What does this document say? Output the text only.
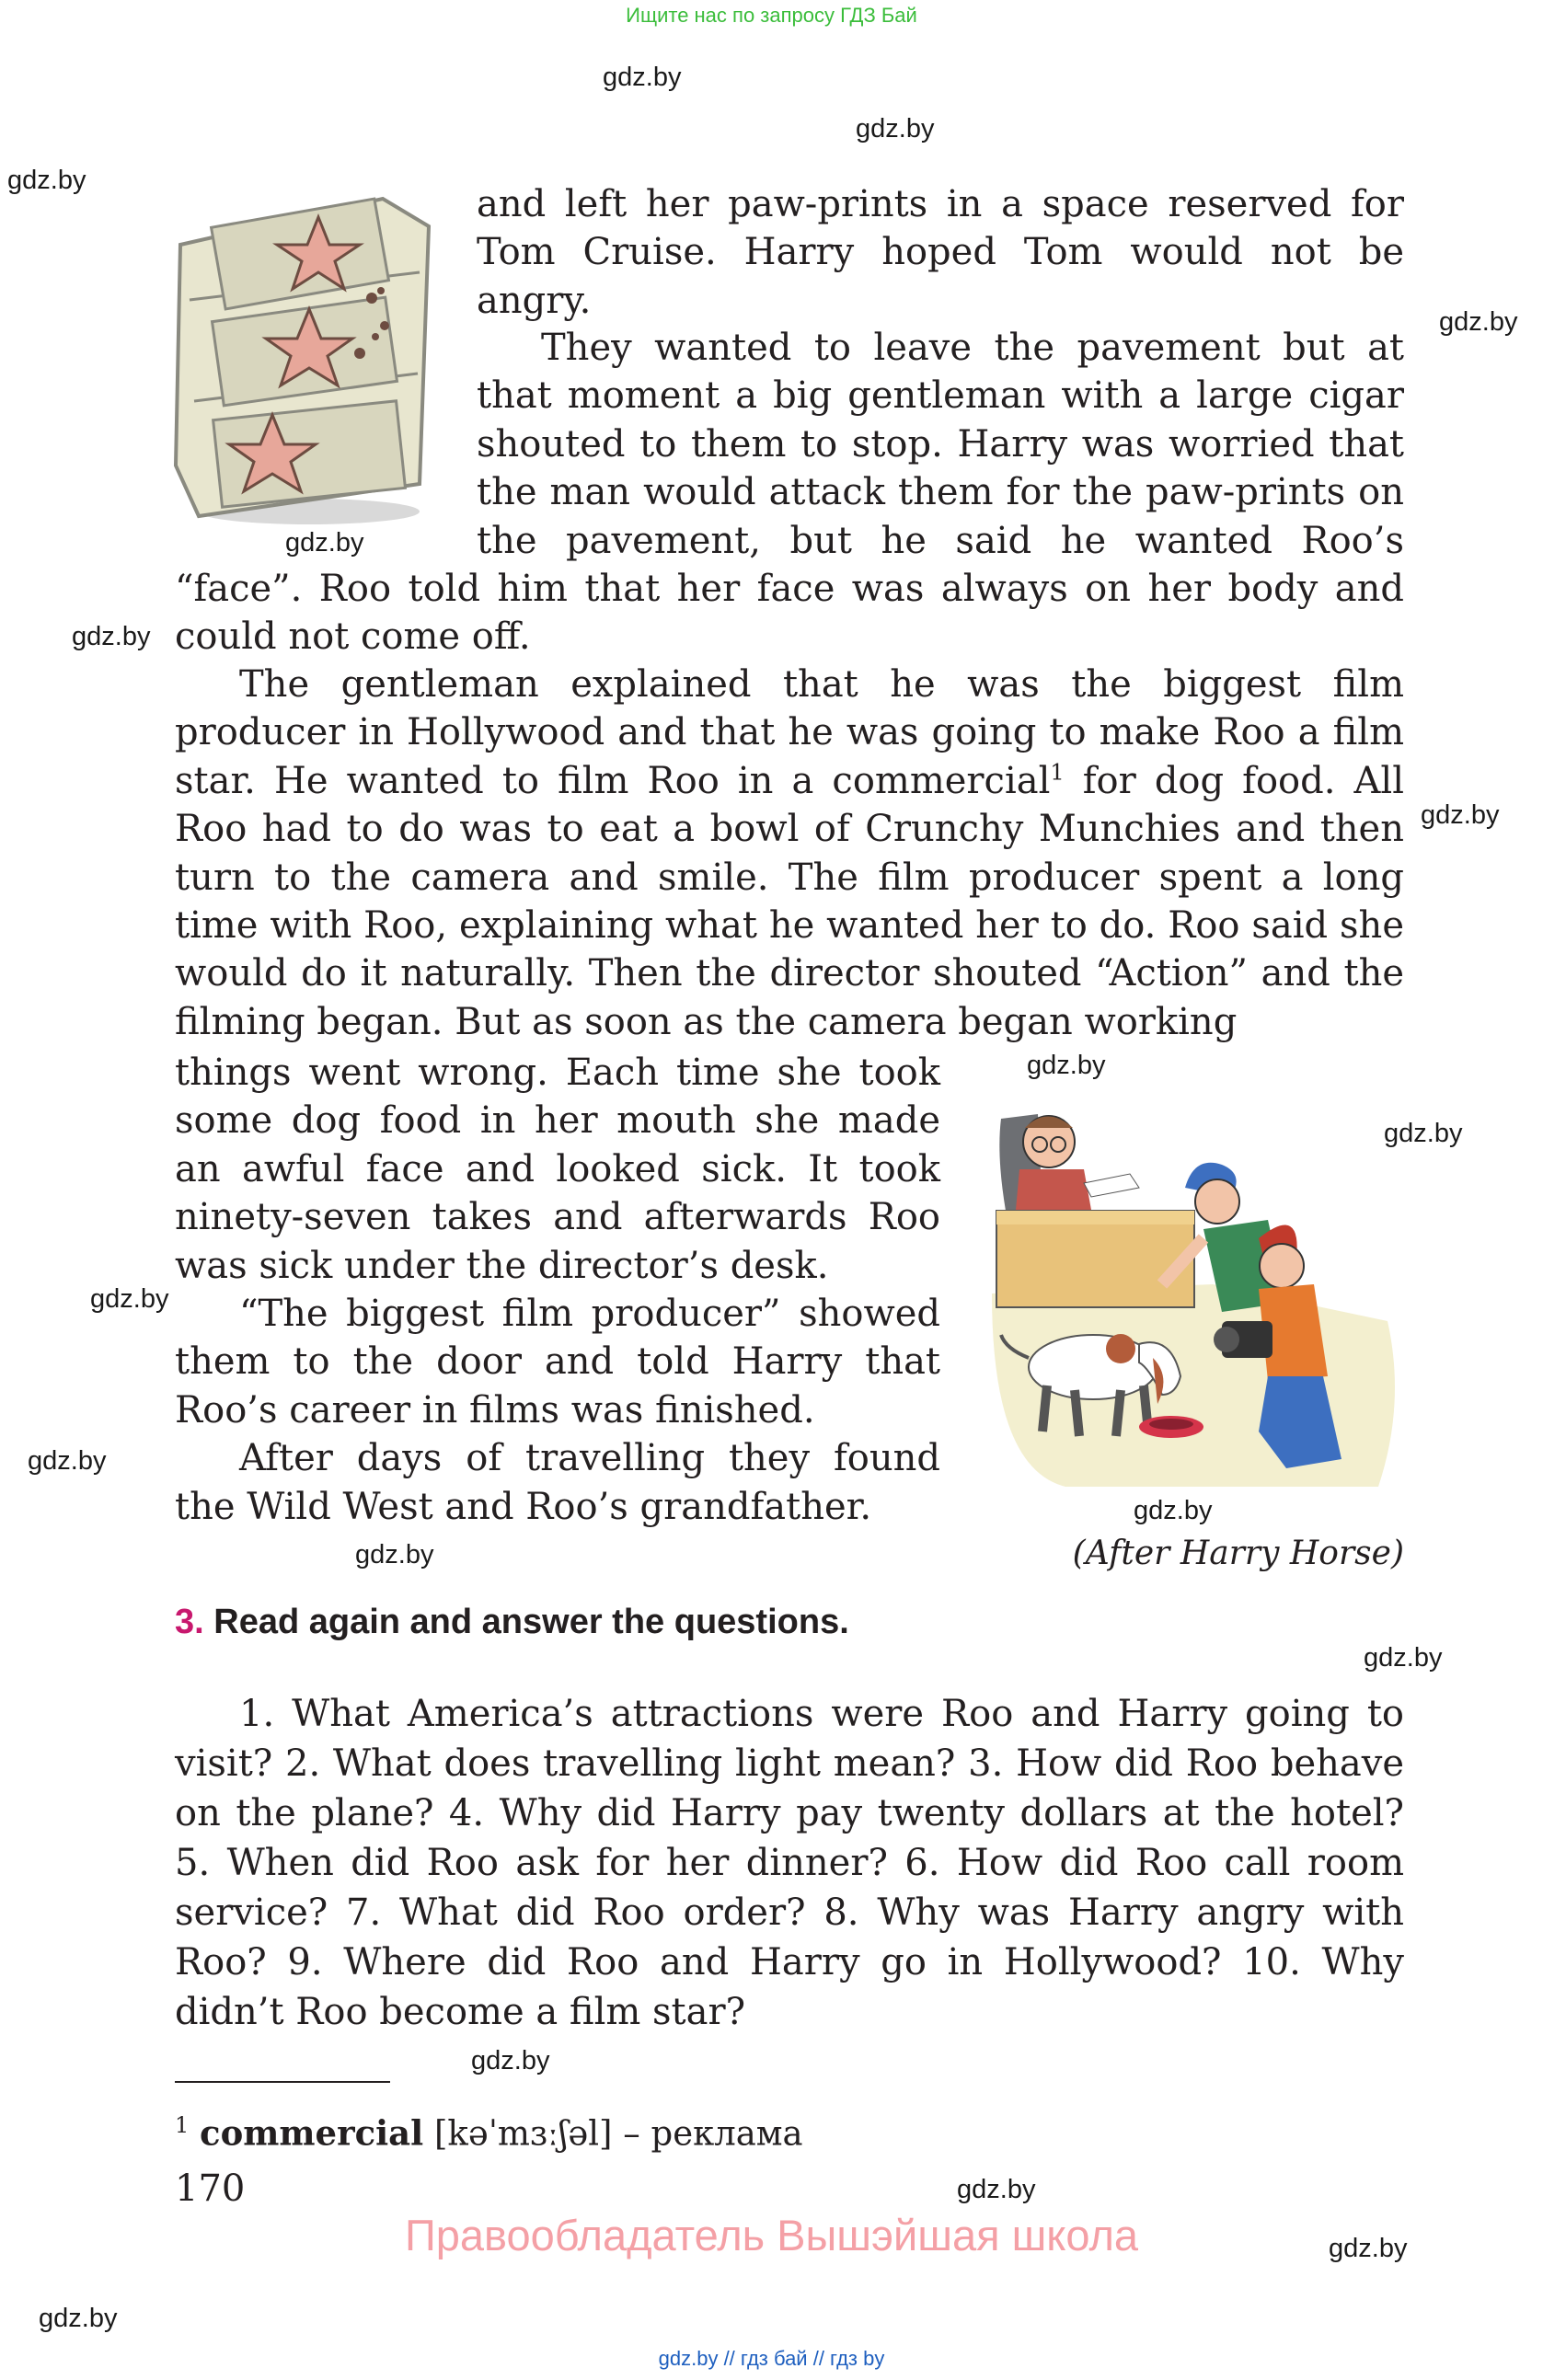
Ищите нас по запросу ГДЗ Бай
gdz.by
gdz.by
gdz.by
gdz.by
gdz.by
gdz.by
gdz.by
gdz.by
gdz.by
gdz.by
gdz.by
gdz.by
gdz.by
gdz.by
gdz.by
gdz.by
gdz.by
gdz.by

and left her paw-prints in a space reserved for Tom Cruise. Harry hoped Tom would not be angry.

They wanted to leave the pavement but at that moment a big gentleman with a large cigar shouted to them to stop. Harry was worried that the man would attack them for the paw-prints on the pavement, but he said he wanted Roo’s “face”. Roo told him that her face was always on her body and could not come off.

The gentleman explained that he was the biggest film producer in Hollywood and that he was going to make Roo a film star. He wanted to film Roo in a commercial$^1$ for dog food. All Roo had to do was to eat a bowl of Crunchy Munchies and then turn to the camera and smile. The film producer spent a long time with Roo, explaining what he wanted her to do. Roo said she would do it naturally. Then the director shouted “Action” and the filming began. But as soon as the camera began working

things went wrong. Each time she took some dog food in her mouth she made an awful face and looked sick. It took ninety-seven takes and afterwards Roo was sick under the director’s desk.

“The biggest film producer” showed them to the door and told Harry that Roo’s career in films was finished.

After days of travelling they found the Wild West and Roo’s grandfather.

(After Harry Horse)
3. Read again and answer the questions.

1. What America’s attractions were Roo and Harry going to visit? 2. What does travelling light mean? 3. How did Roo behave on the plane? 4. Why did Harry pay twenty dollars at the hotel? 5. When did Roo ask for her dinner? 6. How did Roo call room service? 7. What did Roo order? 8. Why was Harry angry with Roo? 9. Where did Roo and Harry go in Hollywood? 10. Why didn’t Roo become a film star?

$^1$ commercial [kəˈmɜːʃəl] – реклама
170
Правообладатель Вышэйшая школа
gdz.by // гдз бай // гдз by
